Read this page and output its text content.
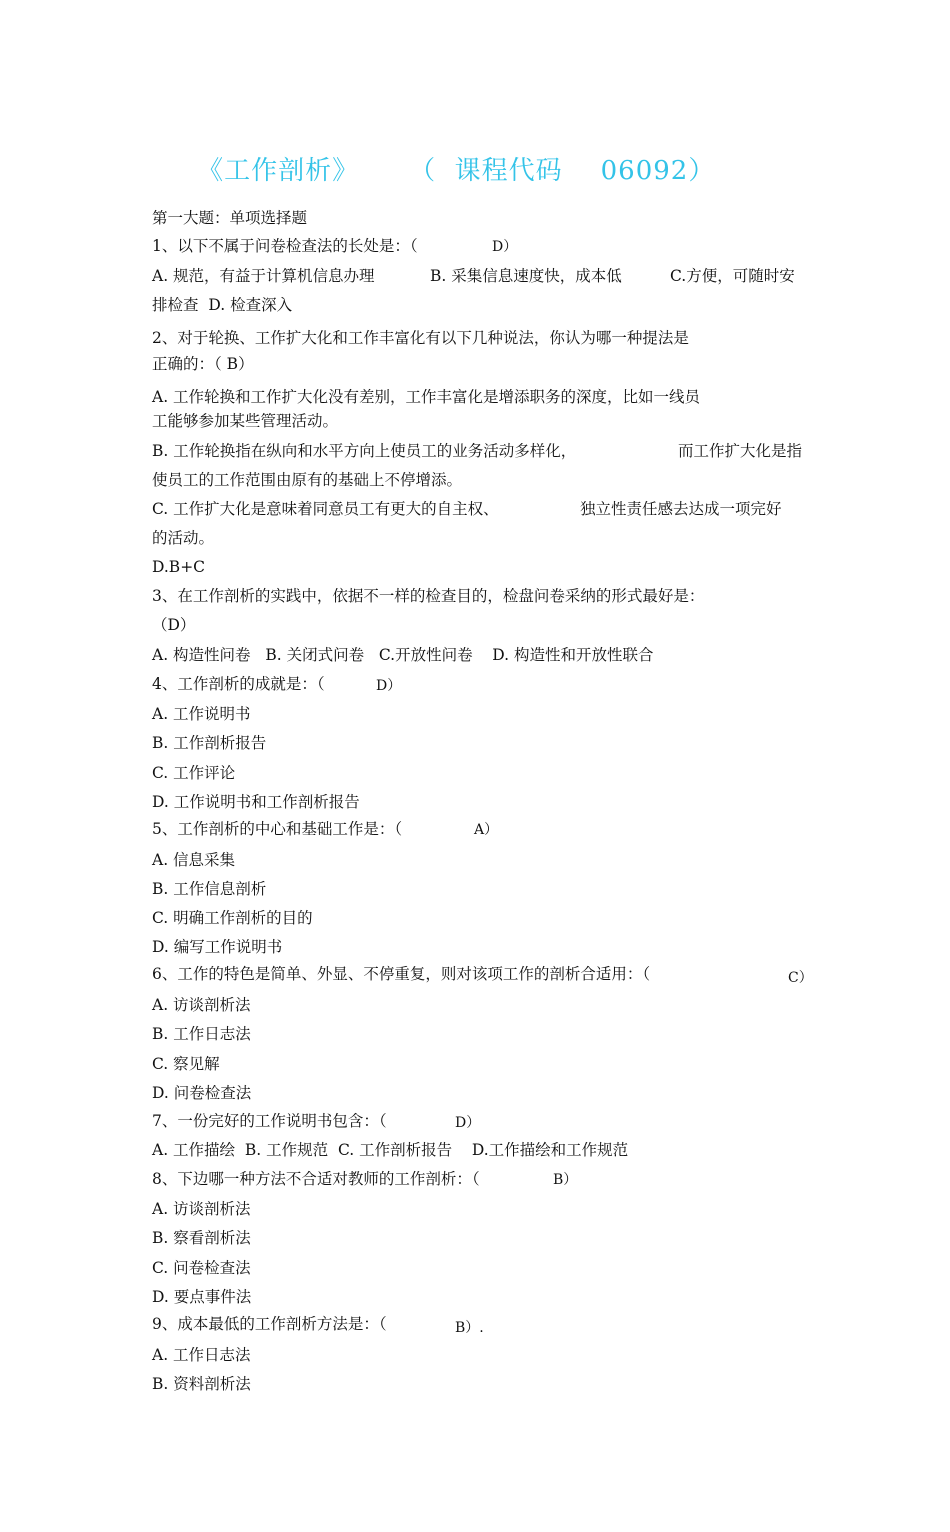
《工作剖析》 （  课程代码 06092）

第一大题：单项选择题
1、以下不属于问卷检查法的长处是：（	D）
A. 规范，有益于计算机信息办理	B. 采集信息速度快，成本低	C.方便，可随时安
排检查  D. 检查深入
2、对于轮换、工作扩大化和工作丰富化有以下几种说法，你认为哪一种提法是
正确的：（ B）
A. 工作轮换和工作扩大化没有差别，工作丰富化是增添职务的深度，比如一线员
工能够参加某些管理活动。
B. 工作轮换指在纵向和水平方向上使员工的业务活动多样化，	而工作扩大化是指
使员工的工作范围由原有的基础上不停增添。
C. 工作扩大化是意味着同意员工有更大的自主权、	独立性责任感去达成一项完好
的活动。
D.B+C
3、在工作剖析的实践中，依据不一样的检查目的，检盘问卷采纳的形式最好是：
（D）
A. 构造性问卷   B. 关闭式问卷   C.开放性问卷    D. 构造性和开放性联合
4、工作剖析的成就是：（	D）
A. 工作说明书
B. 工作剖析报告
C. 工作评论
D. 工作说明书和工作剖析报告
5、工作剖析的中心和基础工作是：（	A）
A. 信息采集
B. 工作信息剖析
C. 明确工作剖析的目的
D. 编写工作说明书
6、工作的特色是简单、外显、不停重复，则对该项工作的剖析合适用：（	C）
A. 访谈剖析法
B. 工作日志法
C. 察见解
D. 问卷检查法
7、一份完好的工作说明书包含：（	D）
A. 工作描绘  B. 工作规范  C. 工作剖析报告    D.工作描绘和工作规范
8、下边哪一种方法不合适对教师的工作剖析：（	B）
A. 访谈剖析法
B. 察看剖析法
C. 问卷检查法
D. 要点事件法
9、成本最低的工作剖析方法是：（	B）.
A. 工作日志法
B. 资料剖析法
